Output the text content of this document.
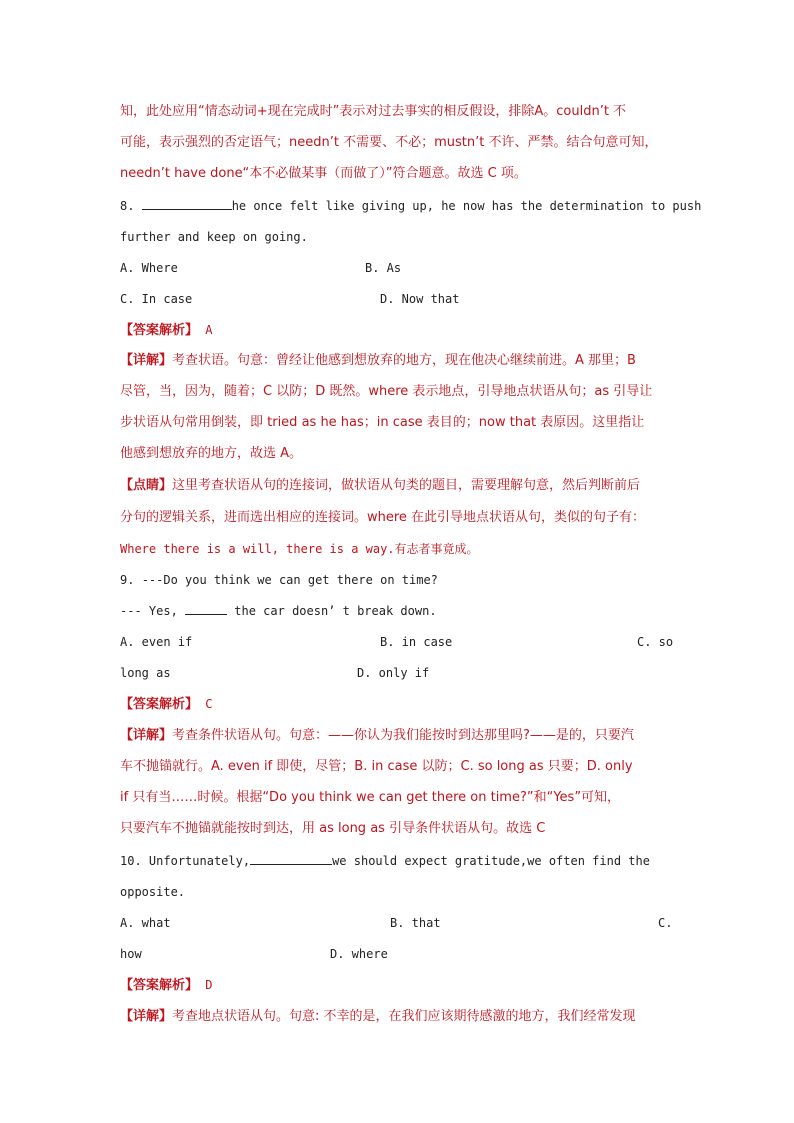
知，此处应用“情态动词+现在完成时”表示对过去事实的相反假设，排除A。couldn’t 不
可能，表示强烈的否定语气；needn’t 不需要、不必；mustn’t 不许、严禁。结合句意可知，
needn’t have done“本不必做某事（而做了）”符合题意。故选 C 项。
8.	he once felt like giving up, he now has the determination to push
further and keep on going.
A. Where	B. As
C. In case	D. Now that
【答案解析】 A
【详解】考查状语。句意：曾经让他感到想放弃的地方，现在他决心继续前进。A 那里；B
尽管，当，因为，随着；C 以防；D 既然。where 表示地点，引导地点状语从句；as 引导让
步状语从句常用倒装，即 tried as he has；in case 表目的；now that 表原因。这里指让
他感到想放弃的地方，故选 A。
【点睛】这里考查状语从句的连接词，做状语从句类的题目，需要理解句意，然后判断前后
分句的逻辑关系，进而选出相应的连接词。where 在此引导地点状语从句，类似的句子有：
Where there is a will, there is a way.有志者事竟成。
9. ---Do you think we can get there on time?
--- Yes,	the car doesn’ t break down.
A. even if	B. in case	C. so
long as	D. only if
【答案解析】 C
【详解】考查条件状语从句。句意：——你认为我们能按时到达那里吗?——是的，只要汽
车不抛锚就行。A. even if 即使，尽管；B. in case 以防；C. so long as 只要；D. only
if 只有当……时候。根据“Do you think we can get there on time?”和“Yes”可知，
只要汽车不抛锚就能按时到达，用 as long as 引导条件状语从句。故选 C
10. Unfortunately,	we should expect gratitude,we often find the
opposite.
A. what	B. that	C.
how	D. where
【答案解析】 D
【详解】考查地点状语从句。句意: 不幸的是，在我们应该期待感激的地方，我们经常发现
